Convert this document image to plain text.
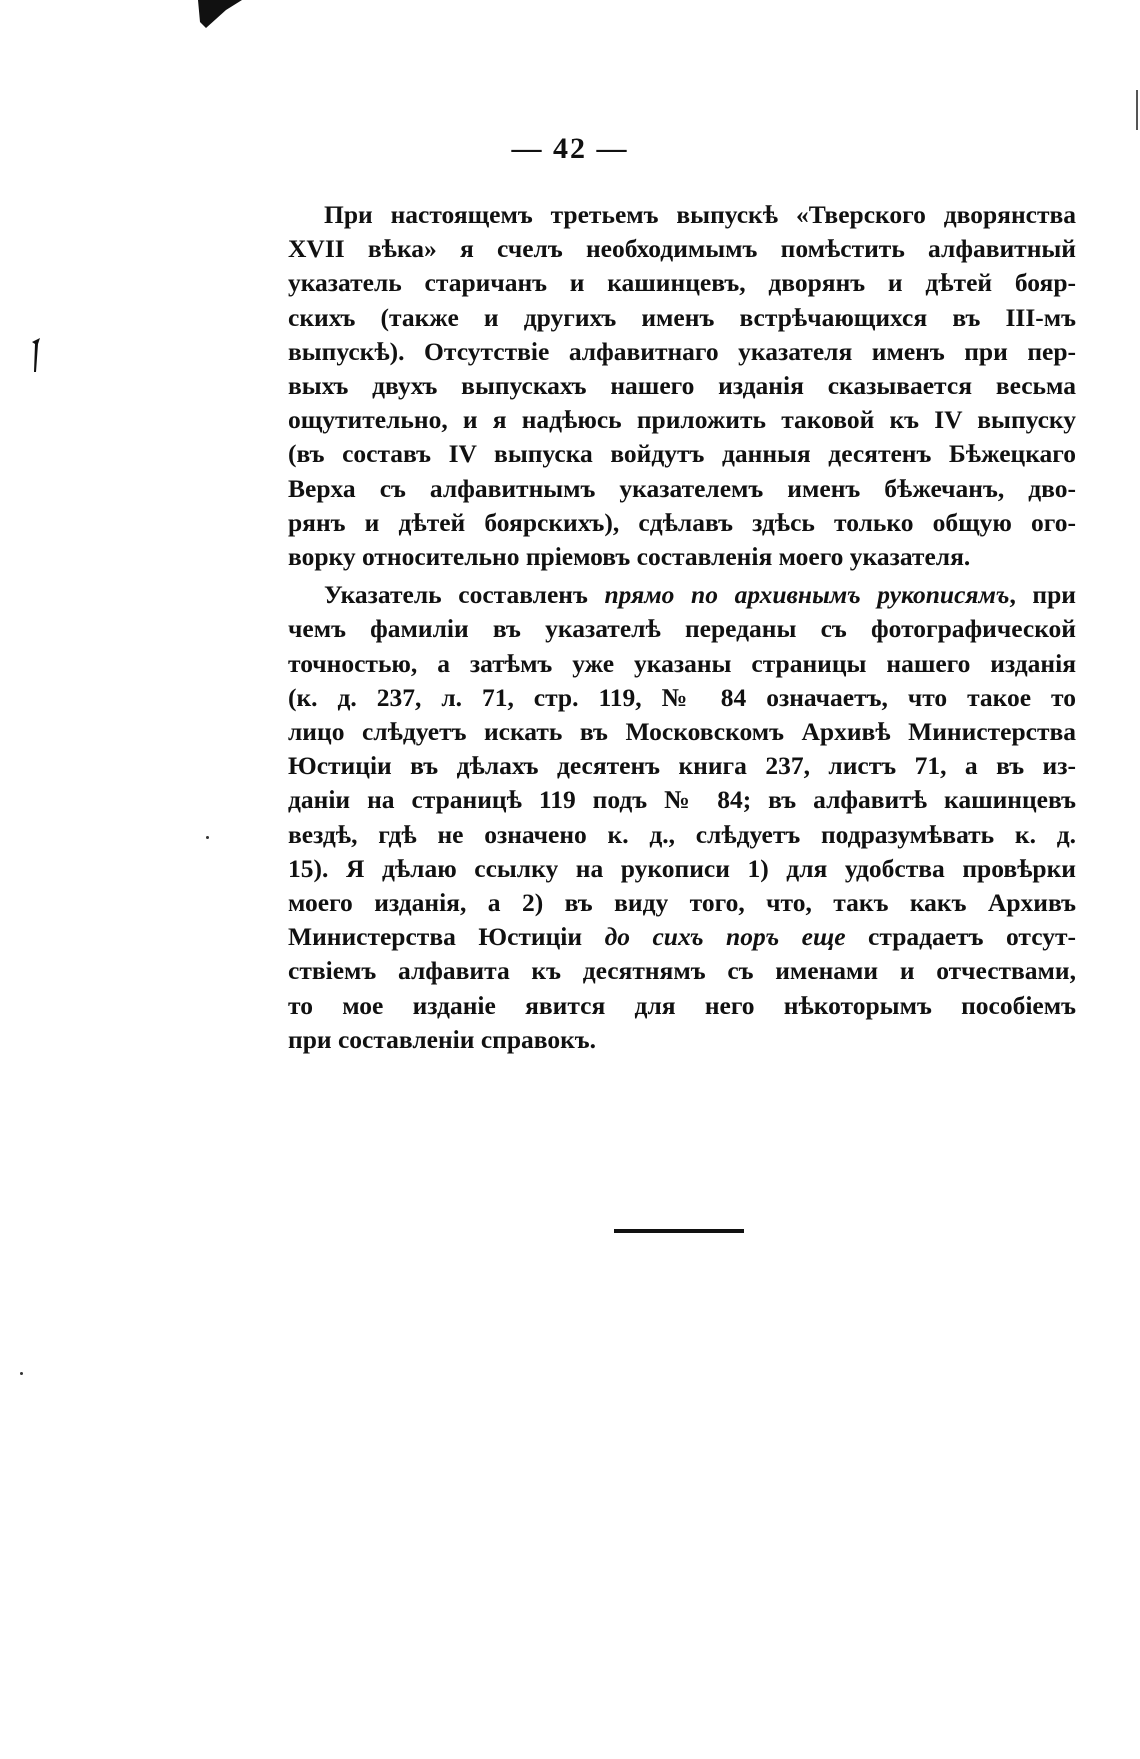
— 42 —
При настоящемъ третьемъ выпускѣ «Тверского дворянства
XVII вѣка» я счелъ необходимымъ помѣстить алфавитный
указатель старичанъ и кашинцевъ, дворянъ и дѣтей бояр-
скихъ (также и другихъ именъ встрѣчающихся въ III-мъ
выпускѣ). Отсутствіе алфавитнаго указателя именъ при пер-
выхъ двухъ выпускахъ нашего изданія сказывается весьма
ощутительно, и я надѣюсь приложить таковой къ IV выпуску
(въ составъ IV выпуска войдутъ данныя десятенъ Бѣжецкаго
Верха съ алфавитнымъ указателемъ именъ бѣжечанъ, дво-
рянъ и дѣтей боярскихъ), сдѣлавъ здѣсь только общую ого-
ворку относительно пріемовъ составленія моего указателя.
Указатель составленъ прямо по архивнымъ рукописямъ, при
чемъ фамиліи въ указателѣ переданы съ фотографической
точностью, а затѣмъ уже указаны страницы нашего изданія
(к. д. 237, л. 71, стр. 119, № 84 означаетъ, что такое то
лицо слѣдуетъ искать въ Московскомъ Архивѣ Министерства
Юстиціи въ дѣлахъ десятенъ книга 237, листъ 71, а въ из-
даніи на страницѣ 119 подъ № 84; въ алфавитѣ кашинцевъ
вездѣ, гдѣ не означено к. д., слѣдуетъ подразумѣвать к. д.
15). Я дѣлаю ссылку на рукописи 1) для удобства провѣрки
моего изданія, а 2) въ виду того, что, такъ какъ Архивъ
Министерства Юстиціи до сихъ поръ еще страдаетъ отсут-
ствіемъ алфавита къ десятнямъ съ именами и отчествами,
то мое изданіе явится для него нѣкоторымъ пособіемъ
при составленіи справокъ.
